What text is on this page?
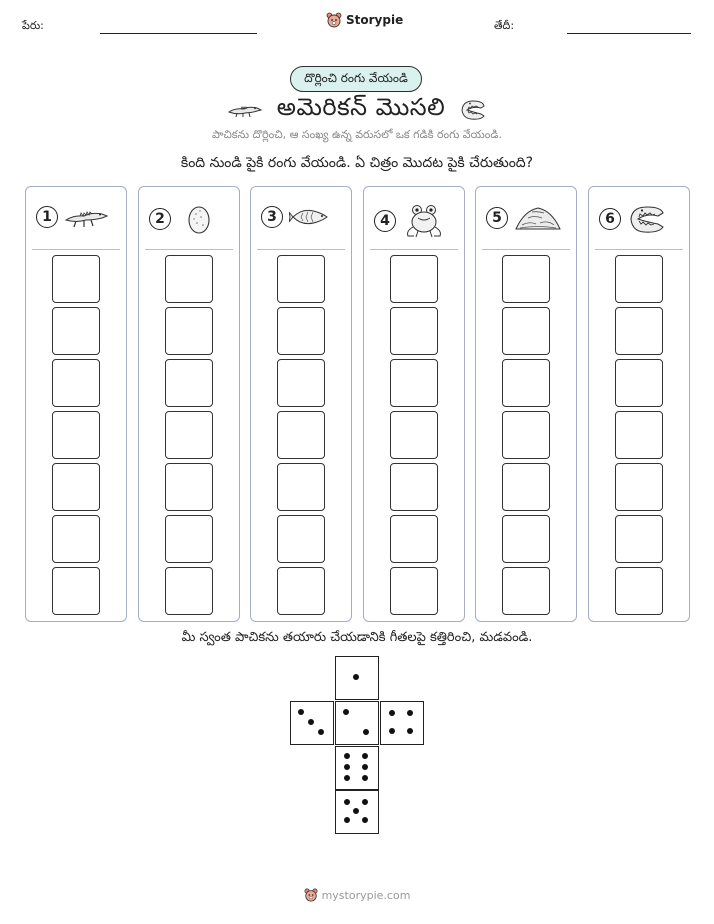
పేరు:	Storypie	తేదీ:
దొర్లించి రంగు వేయండి
అమెరికన్ మొసలి
పాచికను దొర్లించి, ఆ సంఖ్య ఉన్న వరుసలో ఒక గడికి రంగు వేయండి.
కింది నుండి పైకి రంగు వేయండి. ఏ చిత్రం మొదట పైకి చేరుతుంది?
1	2	3	4	5	6
మీ స్వంత పాచికను తయారు చేయడానికి గీతలపై కత్తిరించి, మడవండి.
mystorypie.com
